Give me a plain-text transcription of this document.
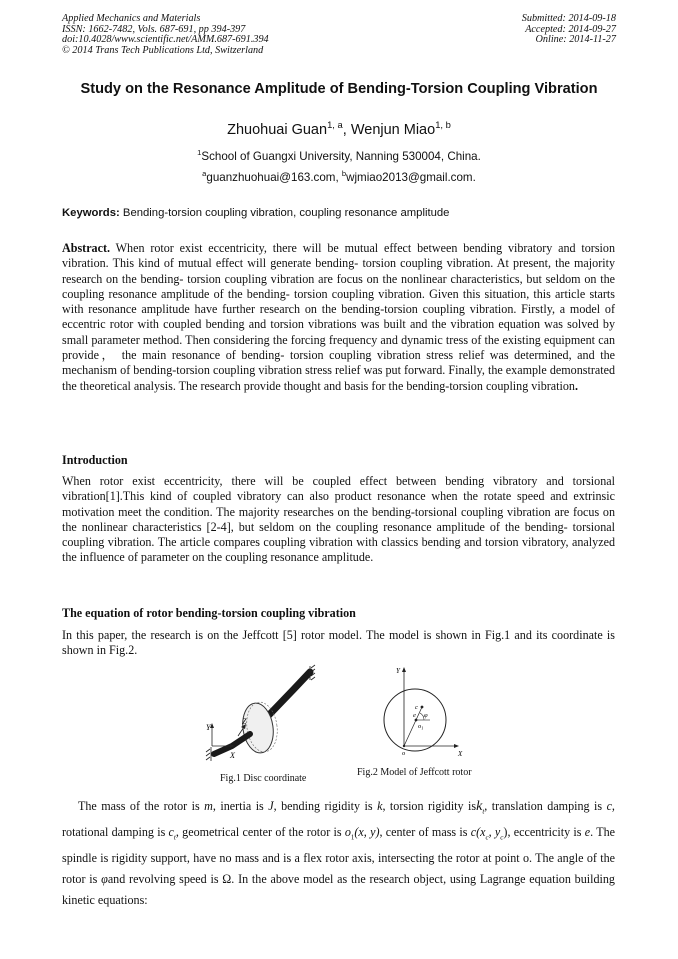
Applied Mechanics and Materials
ISSN: 1662-7482, Vols. 687-691, pp 394-397
doi:10.4028/www.scientific.net/AMM.687-691.394
© 2014 Trans Tech Publications Ltd, Switzerland
Submitted: 2014-09-18
Accepted: 2014-09-27
Online: 2014-11-27
Study on the Resonance Amplitude of Bending-Torsion Coupling Vibration
Zhuohuai Guan$^{1, a}$, Wenjun Miao$^{1, b}$
$^1$School of Guangxi University, Nanning 530004, China.
$^a$guanzhuohuai@163.com, $^b$wjmiao2013@gmail.com.
Keywords: Bending-torsion coupling vibration, coupling resonance amplitude
Abstract. When rotor exist eccentricity, there will be mutual effect between bending vibratory and torsion vibration. This kind of mutual effect will generate bending- torsion coupling vibration. At present, the majority research on the bending- torsion coupling vibration are focus on the nonlinear characteristics, but seldom on the coupling resonance amplitude of the bending- torsion coupling vibration. Given this situation, this article starts with resonance amplitude have further research on the bending-torsion coupling vibration. Firstly, a model of eccentric rotor with coupled bending and torsion vibrations was built and the vibration equation was solved by small parameter method. Then considering the forcing frequency and dynamic tress of the existing equipment can provide， the main resonance of bending- torsion coupling vibration stress relief was determined, and the mechanism of bending-torsion coupling vibration stress relief was put forward. Finally, the example demonstrated the theoretical analysis. The research provide thought and basis for the bending-torsion coupling vibration.
Introduction
When rotor exist eccentricity, there will be coupled effect between bending vibratory and torsional vibration[1].This kind of coupled vibratory can also product resonance when the rotate speed and extrinsic motivation meet the condition. The majority researches on the bending-torsional coupling vibration are focus on the nonlinear characteristics [2-4], but seldom on the coupling resonance amplitude of the bending- torsional coupling vibration. The article compares coupling vibration with classics bending and torsion vibratory, analyzed the influence of parameter on the coupling resonance amplitude.
The equation of rotor bending-torsion coupling vibration
In this paper, the research is on the Jeffcott [5] rotor model. The model is shown in Fig.1 and its coordinate is shown in Fig.2.
Y
Z
X
Fig.1 Disc coordinate
Y
X
c
e φ
$o_1$
o
Fig.2 Model of Jeffcott rotor
The mass of the rotor is m, inertia is J, bending rigidity is k, torsion rigidity isk$_t$, translation damping is c, rotational damping is $c_t$, geometrical center of the rotor is $o_1(x$, y), center of mass is $c(x_c$, $y_c$), eccentricity is e. The spindle is rigidity support, have no mass and is a flex rotor axis, intersecting the rotor at point o. The angle of the rotor is φand revolving speed is Ω. In the above model as the research object, using Lagrange equation building kinetic equations:
